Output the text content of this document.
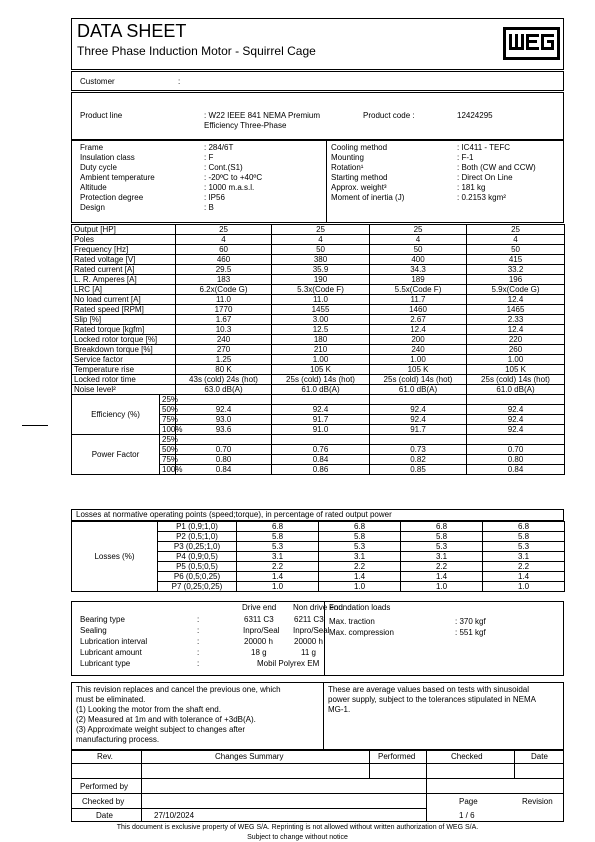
DATA SHEET
Three Phase Induction Motor - Squirrel Cage
Customer	:
Product line	: W22 IEEE 841 NEMA Premium
Efficiency Three-Phase
Product code :	12424295
Frame	: 284/6T
Insulation class	: F
Duty cycle	: Cont.(S1)
Ambient temperature	: -20ºC to +40ºC
Altitude	: 1000 m.a.s.l.
Protection degree	: IP56
Design	: B
Cooling method	: IC411 - TEFC
Mounting	: F-1
Rotation¹	: Both (CW and CCW)
Starting method	: Direct On Line
Approx. weight³	: 181 kg
Moment of inertia (J)	: 0.2153 kgm²
Output [HP]		25	25	25	25
Poles		4	4	4	4
Frequency [Hz]		60	50	50	50
Rated voltage [V]		460	380	400	415
Rated current [A]		29.5	35.9	34.3	33.2
L. R. Amperes [A]		183	190	189	196
LRC [A]		6.2x(Code G)	5.3x(Code F)	5.5x(Code F)	5.9x(Code G)
No load current [A]		11.0	11.0	11.7	12.4
Rated speed [RPM]		1770	1455	1460	1465
Slip [%]		1.67	3.00	2.67	2.33
Rated torque [kgfm]		10.3	12.5	12.4	12.4
Locked rotor torque [%]		240	180	200	220
Breakdown torque [%]		270	210	240	260
Service factor		1.25	1.00	1.00	1.00
Temperature rise		80 K	105 K	105 K	105 K
Locked rotor time		43s (cold) 24s (hot)	25s (cold) 14s (hot)	25s (cold) 14s (hot)	25s (cold) 14s (hot)
Noise level²		63.0 dB(A)	61.0 dB(A)	61.0 dB(A)	61.0 dB(A)
Efficiency (%)	25%				
	50%	92.4	92.4	92.4	92.4
	75%	93.0	91.7	92.4	92.4
	100%	93.6	91.0	91.7	92.4
Power Factor	25%				
	50%	0.70	0.76	0.73	0.70
	75%	0.80	0.84	0.82	0.80
	100%	0.84	0.86	0.85	0.84
Losses at normative operating points (speed;torque), in percentage of rated output power
Losses (%)	P1 (0,9;1,0)	6.8	6.8	6.8	6.8
	P2 (0,5;1,0)	5.8	5.8	5.8	5.8
	P3 (0,25;1,0)	5.3	5.3	5.3	5.3
	P4 (0,9;0,5)	3.1	3.1	3.1	3.1
	P5 (0,5;0,5)	2.2	2.2	2.2	2.2
	P6 (0,5;0,25)	1.4	1.4	1.4	1.4
	P7 (0,25;0,25)	1.0	1.0	1.0	1.0
Drive end Non drive end
Bearing type	:	6311 C3	6211 C3
Sealing	:	Inpro/Seal Inpro/Seal
Lubrication interval	:	20000 h	20000 h
Lubricant amount	:	18 g	11 g
Lubricant type	:	Mobil Polyrex EM
Foundation loads
Max. traction	: 370 kgf
Max. compression	: 551 kgf
This revision replaces and cancel the previous one, which
must be eliminated.
(1) Looking the motor from the shaft end.
(2) Measured at 1m and with tolerance of +3dB(A).
(3) Approximate weight subject to changes after
manufacturing process.
These are average values based on tests with sinusoidal
power supply, subject to the tolerances stipulated in NEMA
MG-1.
Rev.	Changes Summary	Performed	Checked	Date
Performed by
Checked by
Date	27/10/2024
Page
1 / 6
Revision
This document is exclusive property of WEG S/A. Reprinting is not allowed without written authorization of WEG S/A.
Subject to change without notice
